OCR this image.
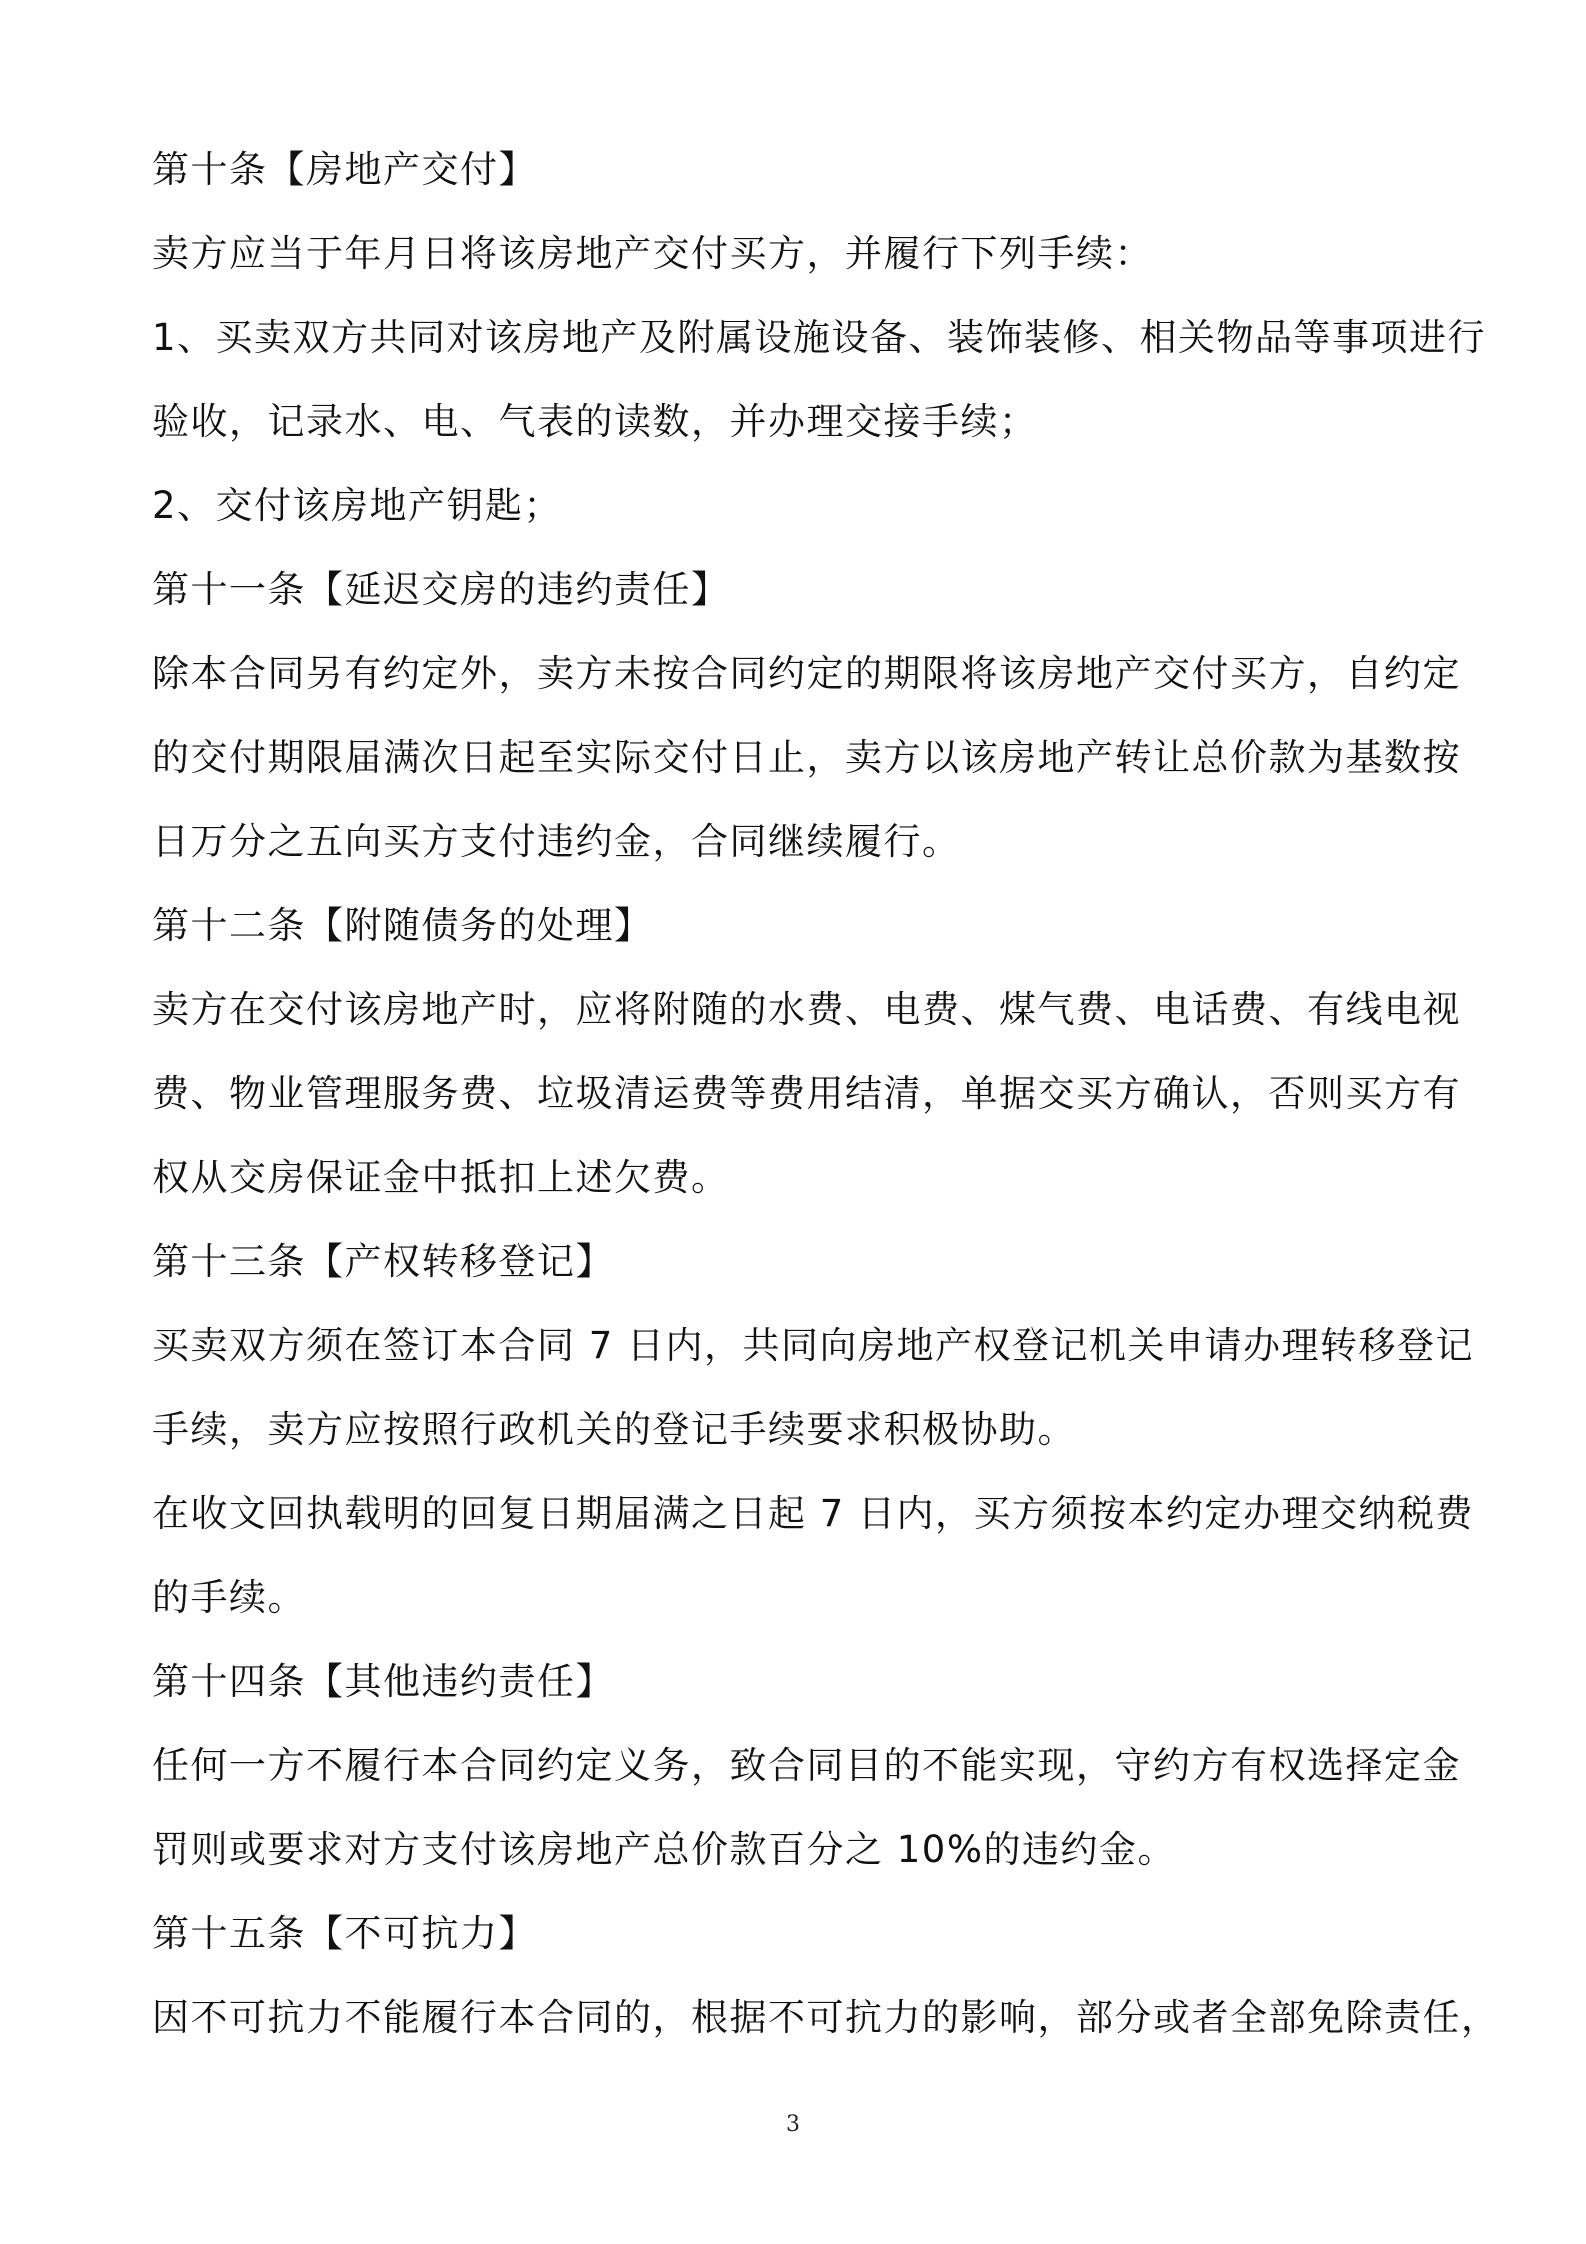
第十条【房地产交付】
卖方应当于年月日将该房地产交付买方，并履行下列手续：
1、买卖双方共同对该房地产及附属设施设备、装饰装修、相关物品等事项进行
验收，记录水、电、气表的读数，并办理交接手续；
2、交付该房地产钥匙；
第十一条【延迟交房的违约责任】
除本合同另有约定外，卖方未按合同约定的期限将该房地产交付买方，自约定
的交付期限届满次日起至实际交付日止，卖方以该房地产转让总价款为基数按
日万分之五向买方支付违约金，合同继续履行。
第十二条【附随债务的处理】
卖方在交付该房地产时，应将附随的水费、电费、煤气费、电话费、有线电视
费、物业管理服务费、垃圾清运费等费用结清，单据交买方确认，否则买方有
权从交房保证金中抵扣上述欠费。
第十三条【产权转移登记】
买卖双方须在签订本合同 7 日内，共同向房地产权登记机关申请办理转移登记
手续，卖方应按照行政机关的登记手续要求积极协助。
在收文回执载明的回复日期届满之日起 7 日内，买方须按本约定办理交纳税费
的手续。
第十四条【其他违约责任】
任何一方不履行本合同约定义务，致合同目的不能实现，守约方有权选择定金
罚则或要求对方支付该房地产总价款百分之 10%的违约金。
第十五条【不可抗力】
因不可抗力不能履行本合同的，根据不可抗力的影响，部分或者全部免除责任，
3
